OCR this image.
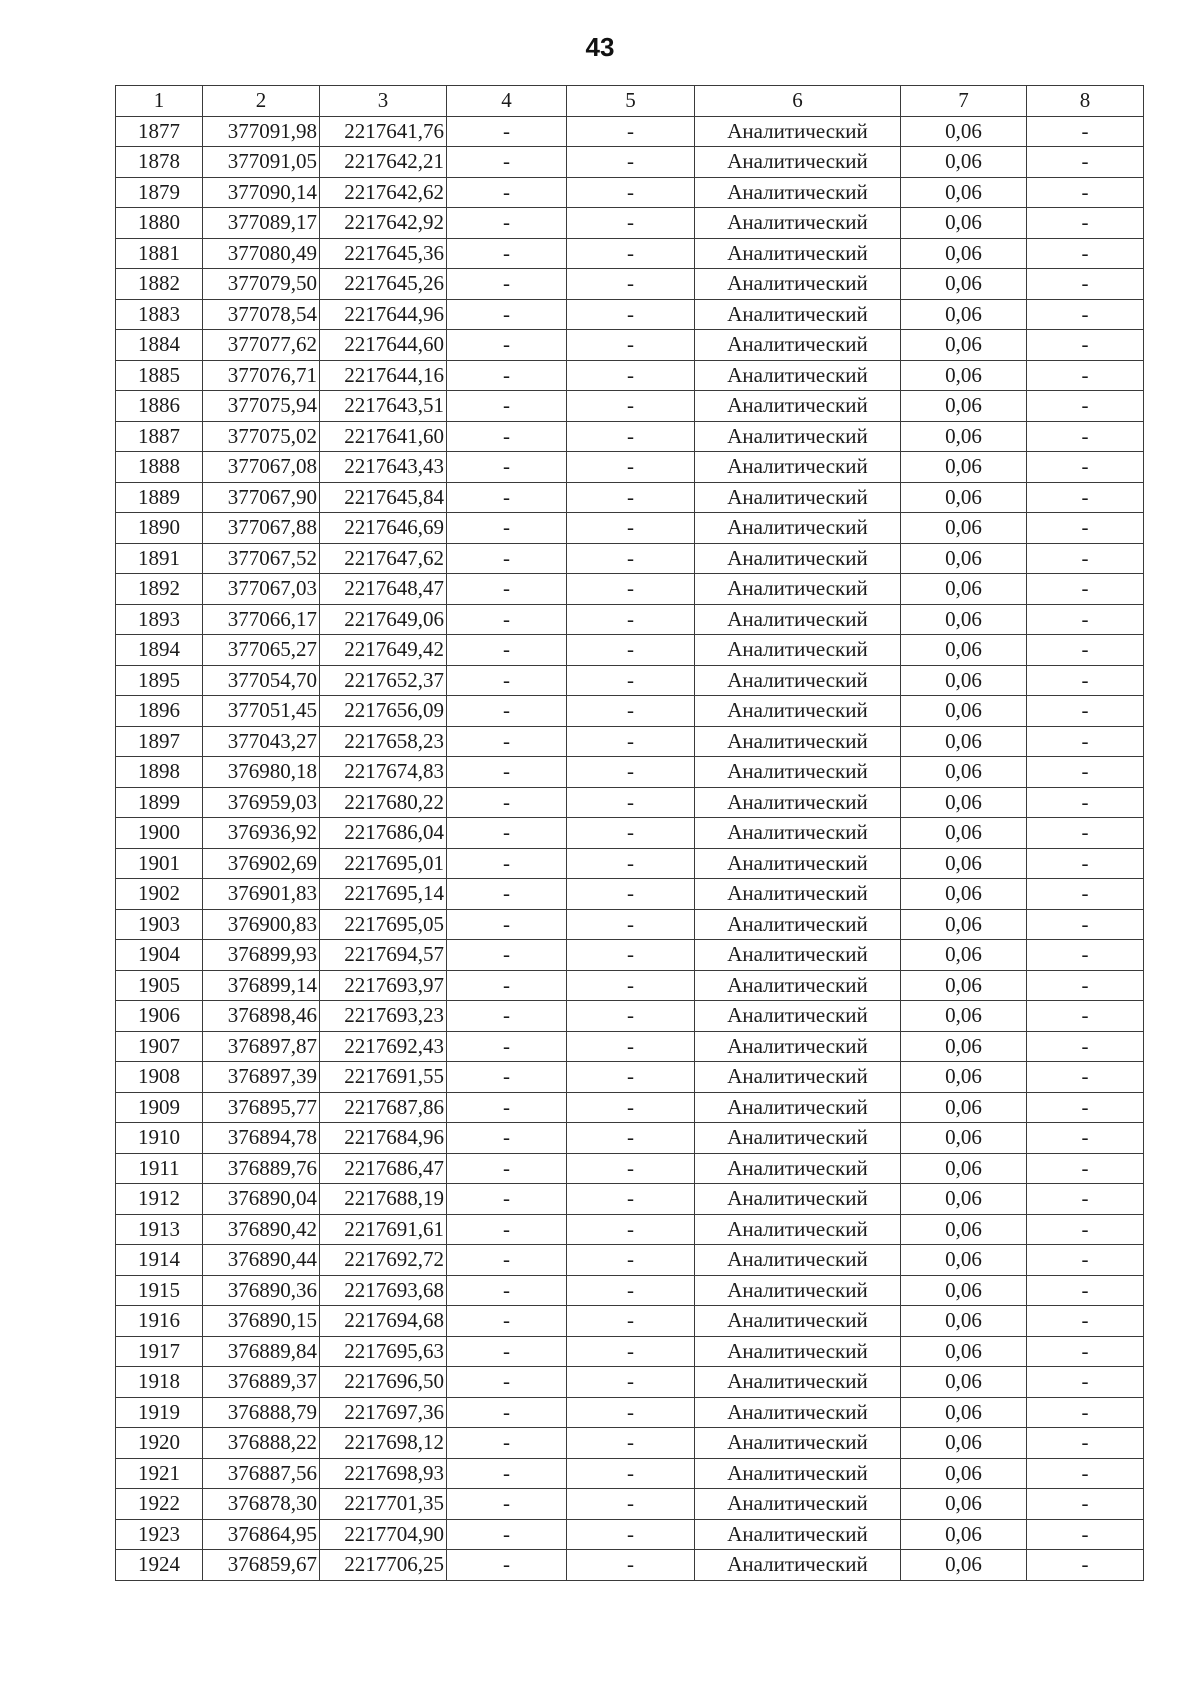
43
1	2	3	4	5	6	7	8
1877	377091,98	2217641,76	-	-	Аналитический	0,06	-
1878	377091,05	2217642,21	-	-	Аналитический	0,06	-
1879	377090,14	2217642,62	-	-	Аналитический	0,06	-
1880	377089,17	2217642,92	-	-	Аналитический	0,06	-
1881	377080,49	2217645,36	-	-	Аналитический	0,06	-
1882	377079,50	2217645,26	-	-	Аналитический	0,06	-
1883	377078,54	2217644,96	-	-	Аналитический	0,06	-
1884	377077,62	2217644,60	-	-	Аналитический	0,06	-
1885	377076,71	2217644,16	-	-	Аналитический	0,06	-
1886	377075,94	2217643,51	-	-	Аналитический	0,06	-
1887	377075,02	2217641,60	-	-	Аналитический	0,06	-
1888	377067,08	2217643,43	-	-	Аналитический	0,06	-
1889	377067,90	2217645,84	-	-	Аналитический	0,06	-
1890	377067,88	2217646,69	-	-	Аналитический	0,06	-
1891	377067,52	2217647,62	-	-	Аналитический	0,06	-
1892	377067,03	2217648,47	-	-	Аналитический	0,06	-
1893	377066,17	2217649,06	-	-	Аналитический	0,06	-
1894	377065,27	2217649,42	-	-	Аналитический	0,06	-
1895	377054,70	2217652,37	-	-	Аналитический	0,06	-
1896	377051,45	2217656,09	-	-	Аналитический	0,06	-
1897	377043,27	2217658,23	-	-	Аналитический	0,06	-
1898	376980,18	2217674,83	-	-	Аналитический	0,06	-
1899	376959,03	2217680,22	-	-	Аналитический	0,06	-
1900	376936,92	2217686,04	-	-	Аналитический	0,06	-
1901	376902,69	2217695,01	-	-	Аналитический	0,06	-
1902	376901,83	2217695,14	-	-	Аналитический	0,06	-
1903	376900,83	2217695,05	-	-	Аналитический	0,06	-
1904	376899,93	2217694,57	-	-	Аналитический	0,06	-
1905	376899,14	2217693,97	-	-	Аналитический	0,06	-
1906	376898,46	2217693,23	-	-	Аналитический	0,06	-
1907	376897,87	2217692,43	-	-	Аналитический	0,06	-
1908	376897,39	2217691,55	-	-	Аналитический	0,06	-
1909	376895,77	2217687,86	-	-	Аналитический	0,06	-
1910	376894,78	2217684,96	-	-	Аналитический	0,06	-
1911	376889,76	2217686,47	-	-	Аналитический	0,06	-
1912	376890,04	2217688,19	-	-	Аналитический	0,06	-
1913	376890,42	2217691,61	-	-	Аналитический	0,06	-
1914	376890,44	2217692,72	-	-	Аналитический	0,06	-
1915	376890,36	2217693,68	-	-	Аналитический	0,06	-
1916	376890,15	2217694,68	-	-	Аналитический	0,06	-
1917	376889,84	2217695,63	-	-	Аналитический	0,06	-
1918	376889,37	2217696,50	-	-	Аналитический	0,06	-
1919	376888,79	2217697,36	-	-	Аналитический	0,06	-
1920	376888,22	2217698,12	-	-	Аналитический	0,06	-
1921	376887,56	2217698,93	-	-	Аналитический	0,06	-
1922	376878,30	2217701,35	-	-	Аналитический	0,06	-
1923	376864,95	2217704,90	-	-	Аналитический	0,06	-
1924	376859,67	2217706,25	-	-	Аналитический	0,06	-
